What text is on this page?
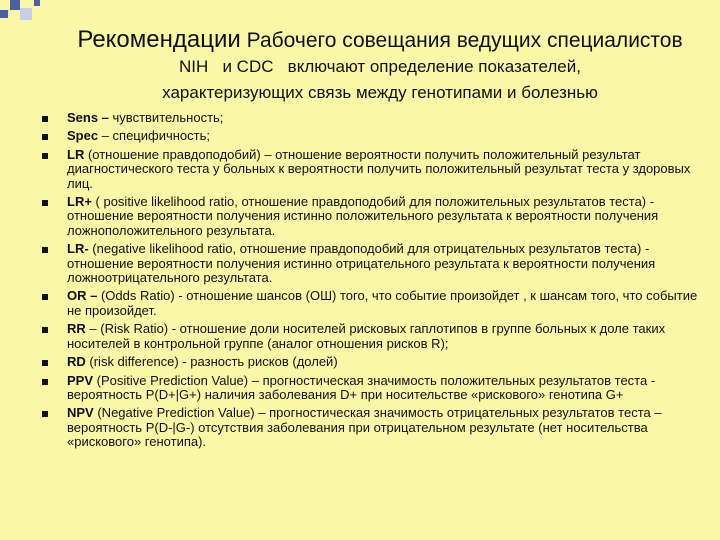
Рекомендации Рабочего совещания ведущих специалистов
NIH   и CDC   включают определение показателей,
характеризующих связь между генотипами и болезнью
Sens – чувствительность;
Spec – специфичность;
LR (отношение правдоподобий) – отношение вероятности получить положительный результат диагностического теста у больных к вероятности получить положительный результат теста у здоровых лиц.
LR+ ( positive likelihood ratio, отношение правдоподобий для положительных результатов теста) - отношение вероятности получения истинно положительного результата к вероятности получения ложноположительного результата.
LR- (negative likelihood ratio, отношение правдоподобий для отрицательных результатов теста) - отношение вероятности получения истинно отрицательного результата к вероятности получения ложноотрицательного результата.
OR – (Odds Ratio) - отношение шансов (ОШ) того, что событие произойдет , к шансам того, что событие не произойдет.
RR – (Risk Ratio) - отношение доли носителей рисковых гаплотипов в группе больных к доле таких носителей в контрольной группе (аналог отношения рисков R);
RD (risk difference) - разность рисков (долей)
PPV (Positive Prediction Value) – прогностическая значимость положительных результатов теста - вероятность P(D+|G+) наличия заболевания D+ при носительстве «рискового» генотипа G+
NPV (Negative Prediction Value) – прогностическая значимость отрицательных результатов теста – вероятность P(D-|G-) отсутствия заболевания при отрицательном результате (нет носительства «рискового» генотипа).
